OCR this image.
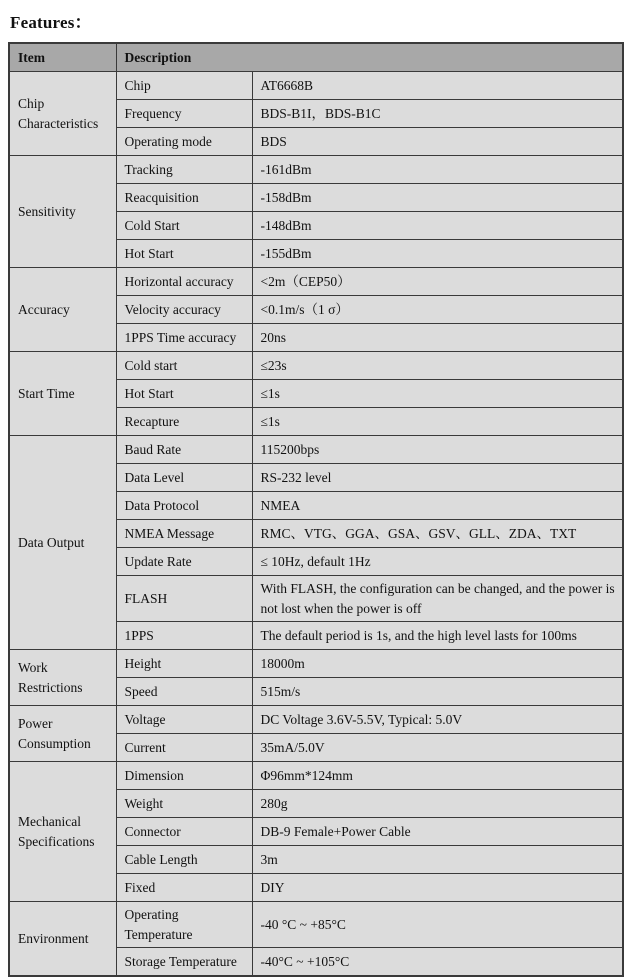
Features：
Item	Description	
Chip Characteristics	Chip	AT6668B
	Frequency	BDS-B1I，BDS-B1C
	Operating mode	BDS
Sensitivity	Tracking	-161dBm
	Reacquisition	-158dBm
	Cold Start	-148dBm
	Hot Start	-155dBm
Accuracy	Horizontal accuracy	<2m（CEP50）
	Velocity accuracy	<0.1m/s（1 σ）
	1PPS Time accuracy	20ns
Start Time	Cold start	≤23s
	Hot Start	≤1s
	Recapture	≤1s
Data Output	Baud Rate	115200bps
	Data Level	RS-232 level
	Data Protocol	NMEA
	NMEA Message	RMC、VTG、GGA、GSA、GSV、GLL、ZDA、TXT
	Update Rate	≤ 10Hz, default 1Hz
	FLASH	With FLASH, the configuration can be changed, and the power is not lost when the power is off
	1PPS	The default period is 1s, and the high level lasts for 100ms
Work Restrictions	Height	18000m
	Speed	515m/s
Power Consumption	Voltage	DC Voltage 3.6V-5.5V, Typical: 5.0V
	Current	35mA/5.0V
Mechanical Specifications	Dimension	Φ96mm*124mm
	Weight	280g
	Connector	DB-9 Female+Power Cable
	Cable Length	3m
	Fixed	DIY
Environment	Operating Temperature	-40 °C ~ +85°C
	Storage Temperature	-40°C ~ +105°C
